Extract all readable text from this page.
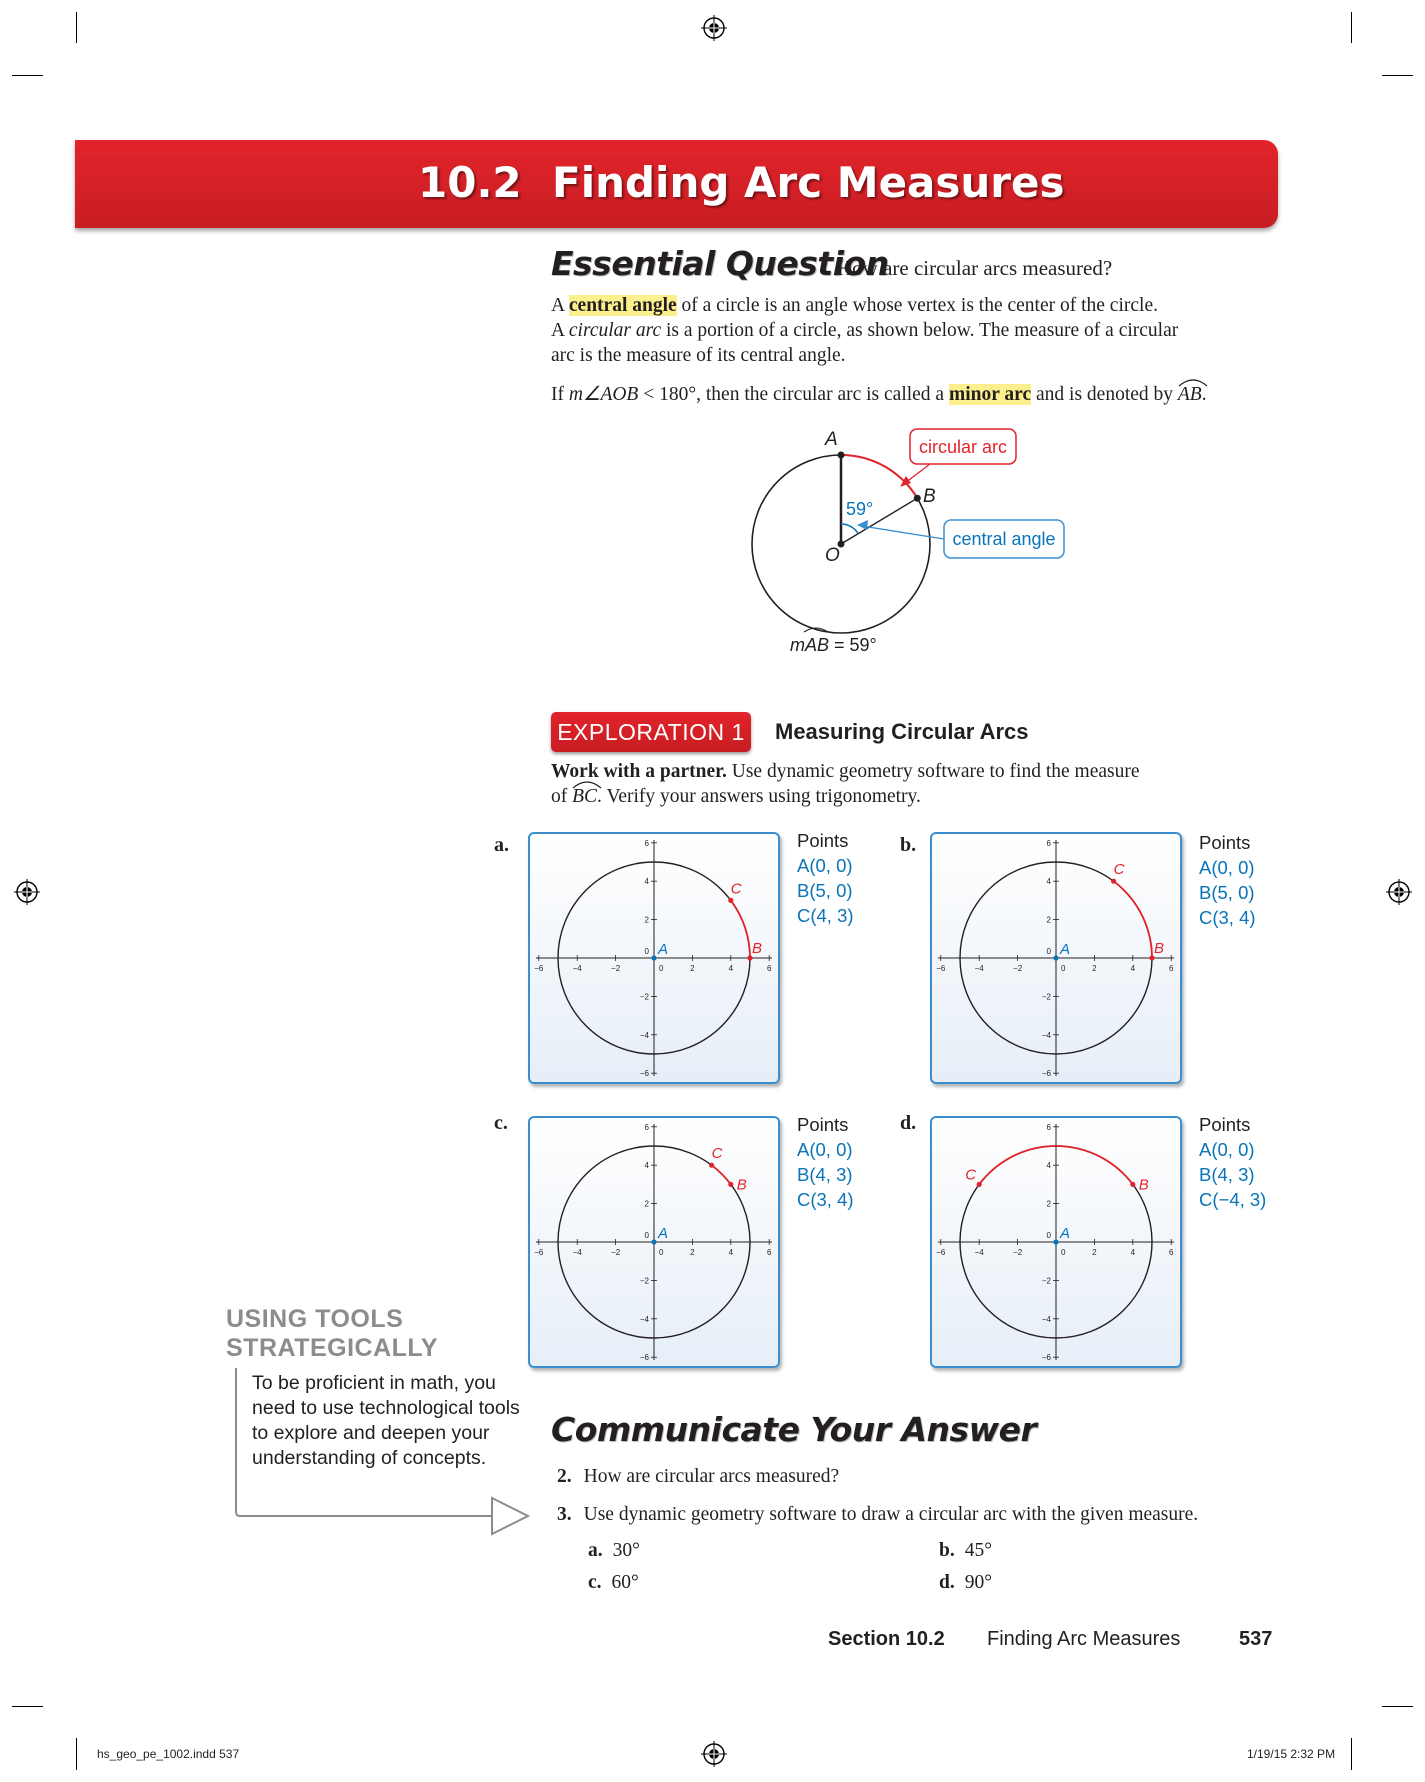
10.2 Finding Arc Measures
Essential Question
How are circular arcs measured?
A central angle of a circle is an angle whose vertex is the center of the circle.
A circular arc is a portion of a circle, as shown below. The measure of a circular
arc is the measure of its central angle.
If m∠AOB < 180°, then the circular arc is called a minor arc and is denoted by
AB.
A
B
O
59°
circular arc
central angle
mAB = 59°
EXPLORATION 1 Measuring Circular Arcs
Work with a partner. Use dynamic geometry software to find the measure
of
BC. Verify your answers using trigonometry.
a.
−6
−6
−4
−4
−2
−2
2
2
4
4
6
6
0
0
A	B
C
Points
A(0, 0)
B(5, 0)
C(4, 3)
b.
−6
−6
−4
−4
−2
−2
2
2
4
4
6
6
0
0
A	B
C
Points
A(0, 0)
B(5, 0)
C(3, 4)
c.
−6
−6
−4
−4
−2
−2
2
2
4
4
6
6
0
0
A
B
C
Points
A(0, 0)
B(4, 3)
C(3, 4)
d.
−6
−6
−4
−4
−2
−2
2
2
4
4
6
6
0
0
A
B
C
Points
A(0, 0)
B(4, 3)
C(−4, 3)
USING TOOLS
STRATEGICALLY
To be proficient in math, you need to use technological tools to explore and deepen your understanding of concepts.
Communicate Your Answer
2. How are circular arcs measured?
3. Use dynamic geometry software to draw a circular arc with the given measure.
a. 30°	b. 45°
c. 60°	d. 90°
Section 10.2 Finding Arc Measures	537
hs_geo_pe_1002.indd 537	1/19/15 2:32 PM
